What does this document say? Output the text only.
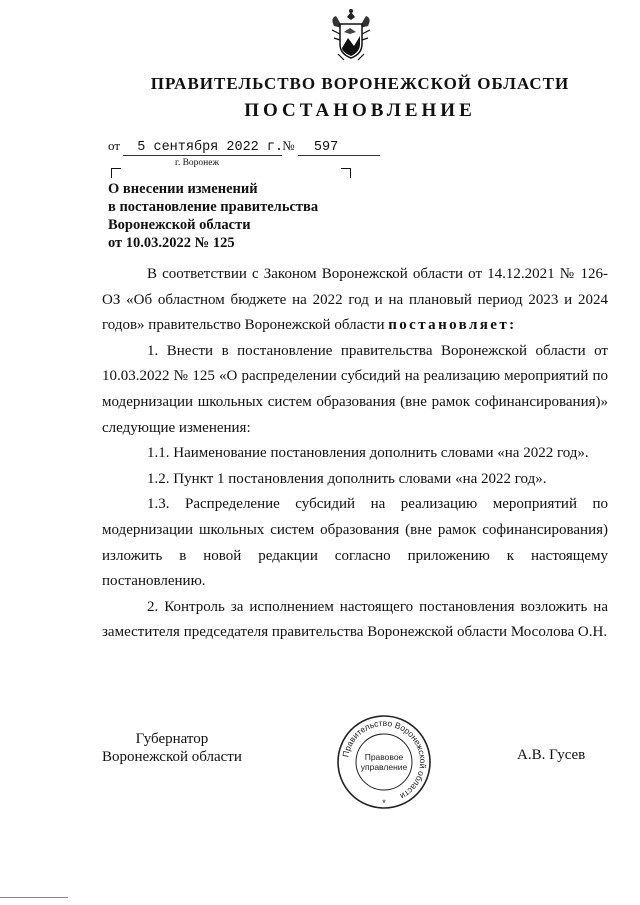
ПРАВИТЕЛЬСТВО ВОРОНЕЖСКОЙ ОБЛАСТИ
ПОСТАНОВЛЕНИЕ
от 5 сентября 2022 г.№ 597
г. Воронеж
О внесении изменений
в постановление правительства
Воронежской области
от 10.03.2022 № 125

В соответствии с Законом Воронежской области от 14.12.2021 № 126-ОЗ «Об областном бюджете на 2022 год и на плановый период 2023 и 2024 годов» правительство Воронежской области постановляет:

1. Внести в постановление правительства Воронежской области от 10.03.2022 № 125 «О распределении субсидий на реализацию мероприятий по модернизации школьных систем образования (вне рамок софинансирования)» следующие изменения:

1.1. Наименование постановления дополнить словами «на 2022 год».

1.2. Пункт 1 постановления дополнить словами «на 2022 год».

1.3. Распределение субсидий на реализацию мероприятий по модернизации школьных систем образования (вне рамок софинансирования) изложить в новой редакции согласно приложению к настоящему постановлению.

2. Контроль за исполнением настоящего постановления возложить на заместителя председателя правительства Воронежской области Мосолова О.Н.

Губернатор
Воронежской области	Правительство Воронежской области
Правовое
управление
*
А.В. Гусев
